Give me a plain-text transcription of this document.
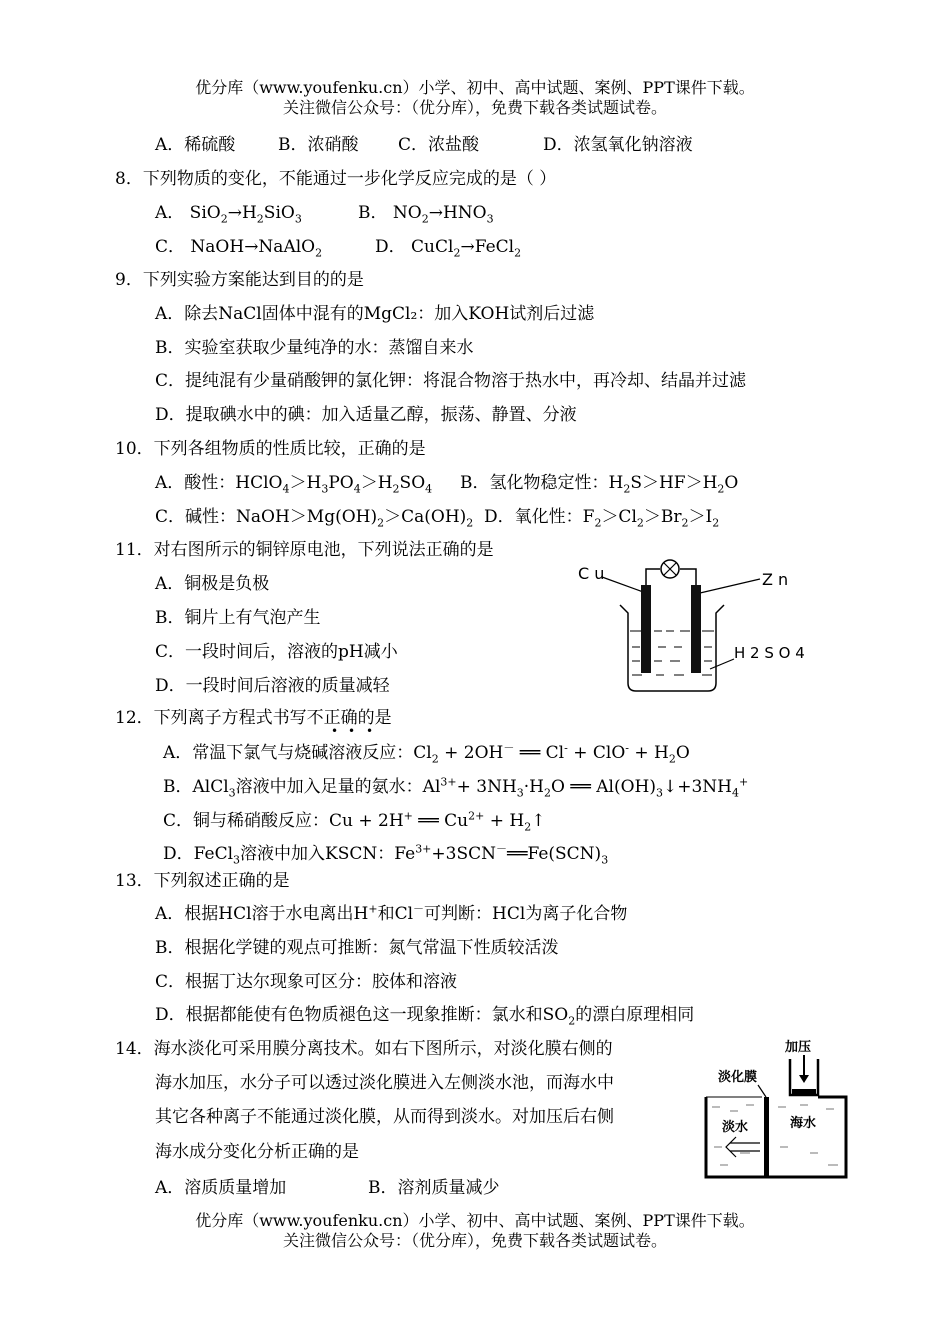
优分库（www.youfenku.cn）小学、初中、高中试题、案例、PPT课件下载。
关注微信公众号：（优分库），免费下载各类试题试卷。
A．稀硫酸	B．浓硝酸 C．浓盐酸	D．浓氢氧化钠溶液
8．下列物质的变化，不能通过一步化学反应完成的是（ ）
A． $SiO_2\to H_2SiO_3$	B． $NO_2\to HNO_3$
C． NaOH→NaAlO$_2$	D． CuCl$_2$→FeCl$_2$
9．下列实验方案能达到目的的是
A．除去NaCl固体中混有的MgCl₂：加入KOH试剂后过滤
B．实验室获取少量纯净的水：蒸馏自来水
C．提纯混有少量硝酸钾的氯化钾：将混合物溶于热水中，再冷却、结晶并过滤
D．提取碘水中的碘：加入适量乙醇，振荡、静置、分液
10．下列各组物质的性质比较，正确的是
A．酸性：$HClO_4>H_3PO_4>H_2SO_4$ B．氢化物稳定性：$H_2S>HF>H_2O$
C．碱性：$NaOH>Mg(OH)_2>Ca(OH)_2$ D．氧化性：$F_2>Cl_2>Br_2>I_2$
11．对右图所示的铜锌原电池，下列说法正确的是
A．铜极是负极
B．铜片上有气泡产生
C．一段时间后，溶液的pH减小
D．一段时间后溶液的质量减轻
C u	Z n
H 2 S O 4
12．下列离子方程式书写不正确的是
• • •
A．常温下氯气与烧碱溶液反应：$Cl_2 + 2OH^-$ ══ $Cl^- + ClO^- + H_2O$
B．AlCl$_3$溶液中加入足量的氨水：$Al^{3+}+ 3NH_3\cdot H_2O$ ══ $Al(OH)_3↓+3NH_4^+$
C．铜与稀硝酸反应：Cu + 2H+ ══ $Cu^{2+}$ + $H_2↑$
D．FeCl$_3$溶液中加入KSCN：$Fe^{3+}+3SCN^-══Fe(SCN)_3$
13．下列叙述正确的是
A．根据HCl溶于水电离出H+和Cl－可判断：HCl为离子化合物
B．根据化学键的观点可推断：氮气常温下性质较活泼
C．根据丁达尔现象可区分：胶体和溶液
D．根据都能使有色物质褪色这一现象推断：氯水和$SO_2$的漂白原理相同
14．海水淡化可采用膜分离技术。如右下图所示，对淡化膜右侧的
海水加压，水分子可以透过淡化膜进入左侧淡水池，而海水中
其它各种离子不能通过淡化膜，从而得到淡水。对加压后右侧
海水成分变化分析正确的是
A．溶质质量增加	B．溶剂质量减少
加压
淡化膜
淡水	海水
优分库（www.youfenku.cn）小学、初中、高中试题、案例、PPT课件下载。
关注微信公众号：（优分库），免费下载各类试题试卷。
